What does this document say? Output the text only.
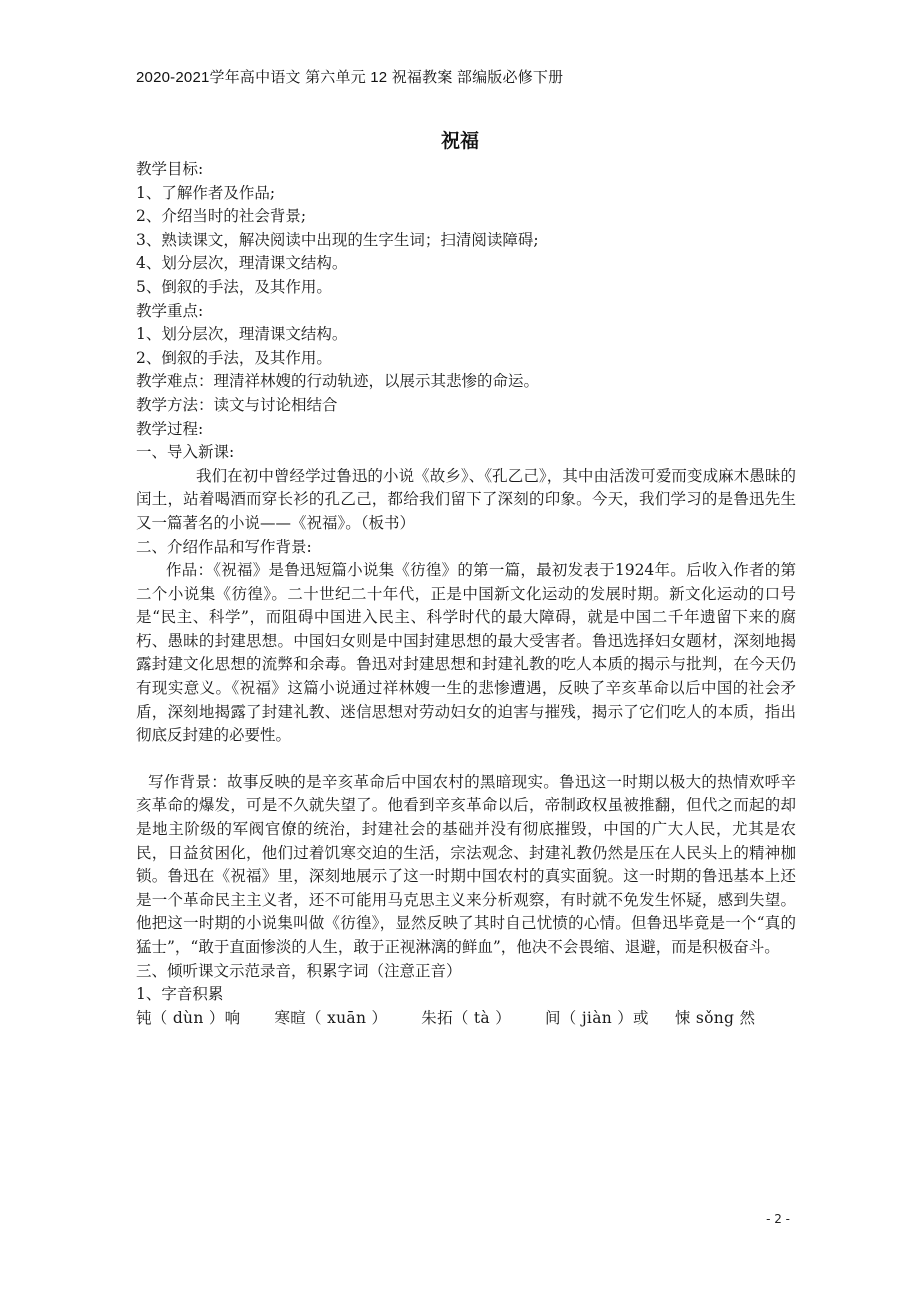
2020-2021学年高中语文 第六单元 12 祝福教案 部编版必修下册
祝福
教学目标:
1、了解作者及作品;
2、介绍当时的社会背景;
3、熟读课文，解决阅读中出现的生字生词；扫清阅读障碍;
4、划分层次，理清课文结构。
5、倒叙的手法，及其作用。
教学重点:
1、划分层次，理清课文结构。
2、倒叙的手法，及其作用。
教学难点：理清祥林嫂的行动轨迹，以展示其悲惨的命运。
教学方法：读文与讨论相结合
教学过程:
一、导入新课:
我们在初中曾经学过鲁迅的小说《故乡》、《孔乙己》，其中由活泼可爱而变成麻木愚昧的闰土，站着喝酒而穿长衫的孔乙己，都给我们留下了深刻的印象。今天，我们学习的是鲁迅先生又一篇著名的小说——《祝福》。（板书）
二、介绍作品和写作背景:
作品：《祝福》是鲁迅短篇小说集《彷徨》的第一篇，最初发表于1924年。后收入作者的第二个小说集《彷徨》。二十世纪二十年代，正是中国新文化运动的发展时期。新文化运动的口号是“民主、科学”，而阻碍中国进入民主、科学时代的最大障碍，就是中国二千年遗留下来的腐朽、愚昧的封建思想。中国妇女则是中国封建思想的最大受害者。鲁迅选择妇女题材，深刻地揭露封建文化思想的流弊和余毒。鲁迅对封建思想和封建礼教的吃人本质的揭示与批判，在今天仍有现实意义。《祝福》这篇小说通过祥林嫂一生的悲惨遭遇，反映了辛亥革命以后中国的社会矛盾，深刻地揭露了封建礼教、迷信思想对劳动妇女的迫害与摧残，揭示了它们吃人的本质，指出彻底反封建的必要性。
写作背景：故事反映的是辛亥革命后中国农村的黑暗现实。鲁迅这一时期以极大的热情欢呼辛亥革命的爆发，可是不久就失望了。他看到辛亥革命以后，帝制政权虽被推翻，但代之而起的却是地主阶级的军阀官僚的统治，封建社会的基础并没有彻底摧毁，中国的广大人民，尤其是农民，日益贫困化，他们过着饥寒交迫的生活，宗法观念、封建礼教仍然是压在人民头上的精神枷锁。鲁迅在《祝福》里，深刻地展示了这一时期中国农村的真实面貌。这一时期的鲁迅基本上还是一个革命民主主义者，还不可能用马克思主义来分析观察，有时就不免发生怀疑，感到失望。他把这一时期的小说集叫做《彷徨》，显然反映了其时自己忧愤的心情。但鲁迅毕竟是一个“真的猛士”，“敢于直面惨淡的人生，敢于正视淋漓的鲜血”，他决不会畏缩、退避，而是积极奋斗。
三、倾听课文示范录音，积累字词（注意正音）
1、字音积累
钝（ dùn ）响 寒暄（ xuān ） 朱拓（ tà ） 间（ jiàn ）或 悚 sǒng 然
- 2 -
